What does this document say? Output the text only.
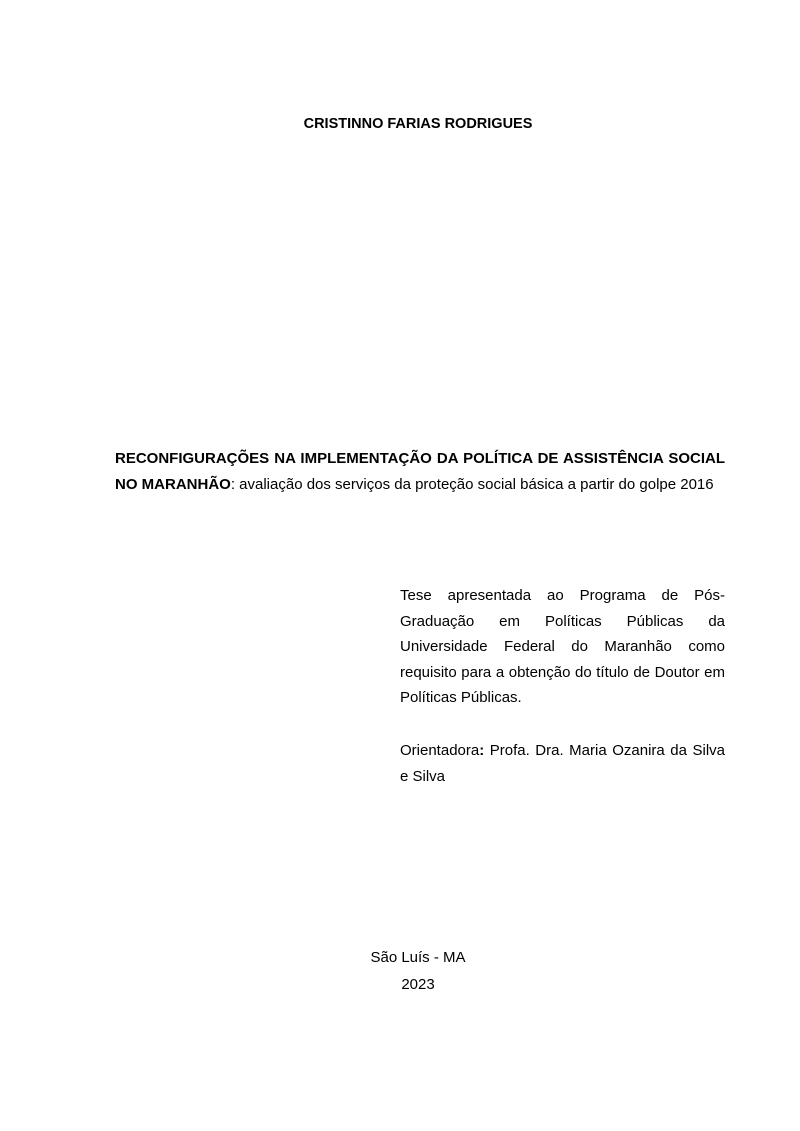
CRISTINNO FARIAS RODRIGUES
RECONFIGURAÇÕES NA IMPLEMENTAÇÃO DA POLÍTICA DE ASSISTÊNCIA SOCIAL NO MARANHÃO: avaliação dos serviços da proteção social básica a partir do golpe 2016

Tese apresentada ao Programa de Pós-Graduação em Políticas Públicas da Universidade Federal do Maranhão como requisito para a obtenção do título de Doutor em Políticas Públicas.

Orientadora: Profa. Dra. Maria Ozanira da Silva e Silva

São Luís - MA
2023
